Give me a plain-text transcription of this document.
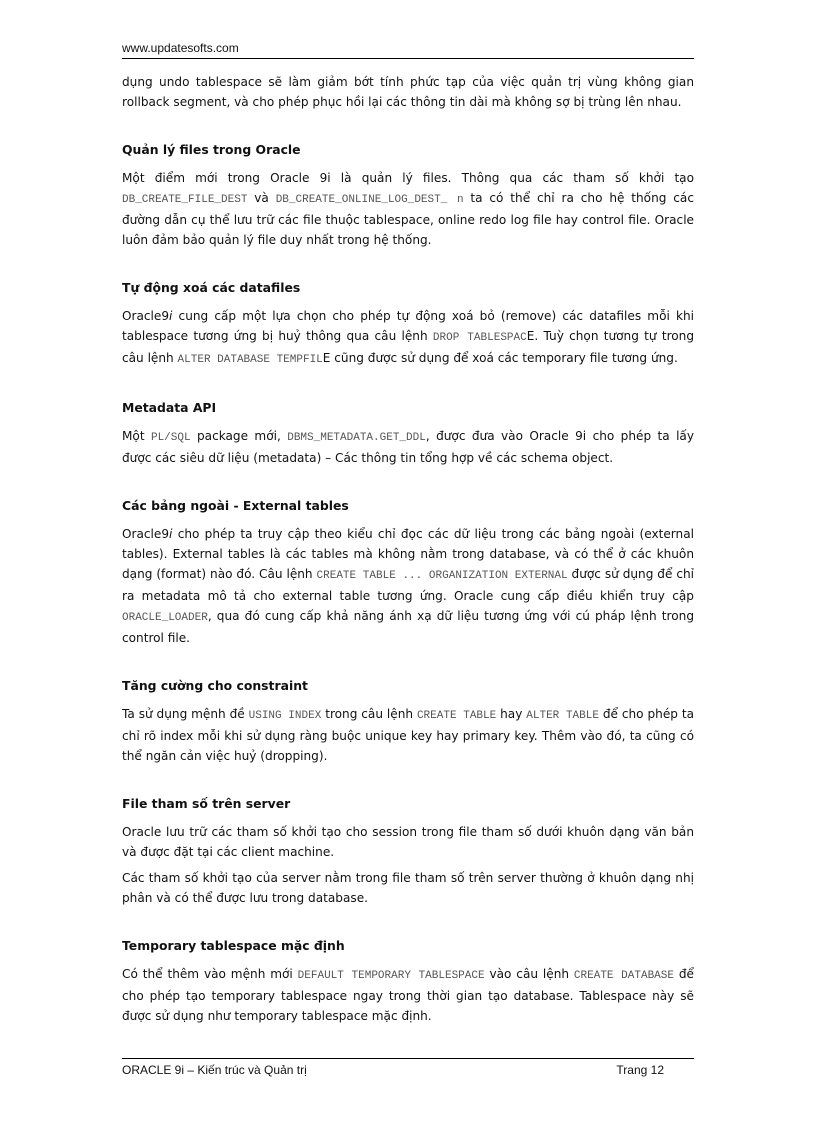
www.updatesofts.com

dụng undo tablespace sẽ làm giảm bớt tính phức tạp của việc quản trị vùng không gian rollback segment, và cho phép phục hồi lại các thông tin dài mà không sợ bị trùng lên nhau.

Quản lý files trong Oracle

Một điểm mới trong Oracle 9i là quản lý files. Thông qua các tham số khởi tạo DB_CREATE_FILE_DEST và DB_CREATE_ONLINE_LOG_DEST_ n ta có thể chỉ ra cho hệ thống các đường dẫn cụ thể lưu trữ các file thuộc tablespace, online redo log file hay control file. Oracle luôn đảm bảo quản lý file duy nhất trong hệ thống.

Tự động xoá các datafiles

Oracle9i cung cấp một lựa chọn cho phép tự động xoá bỏ (remove) các datafiles mỗi khi tablespace tương ứng bị huỷ thông qua câu lệnh DROP TABLESPACE. Tuỳ chọn tương tự trong câu lệnh ALTER DATABASE TEMPFILE cũng được sử dụng để xoá các temporary file tương ứng.

Metadata API

Một PL/SQL package mới, DBMS_METADATA.GET_DDL, được đưa vào Oracle 9i cho phép ta lấy được các siêu dữ liệu (metadata) – Các thông tin tổng hợp về các schema object.

Các bảng ngoài - External tables

Oracle9i cho phép ta truy cập theo kiểu chỉ đọc các dữ liệu trong các bảng ngoài (external tables). External tables là các tables mà không nằm trong database, và có thể ở các khuôn dạng (format) nào đó. Câu lệnh CREATE TABLE ... ORGANIZATION EXTERNAL được sử dụng để chỉ ra metadata mô tả cho external table tương ứng. Oracle cung cấp điều khiển truy cập ORACLE_LOADER, qua đó cung cấp khả năng ánh xạ dữ liệu tương ứng với cú pháp lệnh trong control file.

Tăng cường cho constraint

Ta sử dụng mệnh đề USING INDEX trong câu lệnh CREATE TABLE hay ALTER TABLE để cho phép ta chỉ rõ index mỗi khi sử dụng ràng buộc unique key hay primary key. Thêm vào đó, ta cũng có thể ngăn cản việc huỷ (dropping).

File tham số trên server

Oracle lưu trữ các tham số khởi tạo cho session trong file tham số dưới khuôn dạng văn bản và được đặt tại các client machine.

Các tham số khởi tạo của server nằm trong file tham số trên server thường ở khuôn dạng nhị phân và có thể được lưu trong database.

Temporary tablespace mặc định

Có thể thêm vào mệnh mới DEFAULT TEMPORARY TABLESPACE vào câu lệnh CREATE DATABASE để cho phép tạo temporary tablespace ngay trong thời gian tạo database. Tablespace này sẽ được sử dụng như temporary tablespace mặc định.

ORACLE 9i – Kiến trúc và Quản trị	Trang 12
